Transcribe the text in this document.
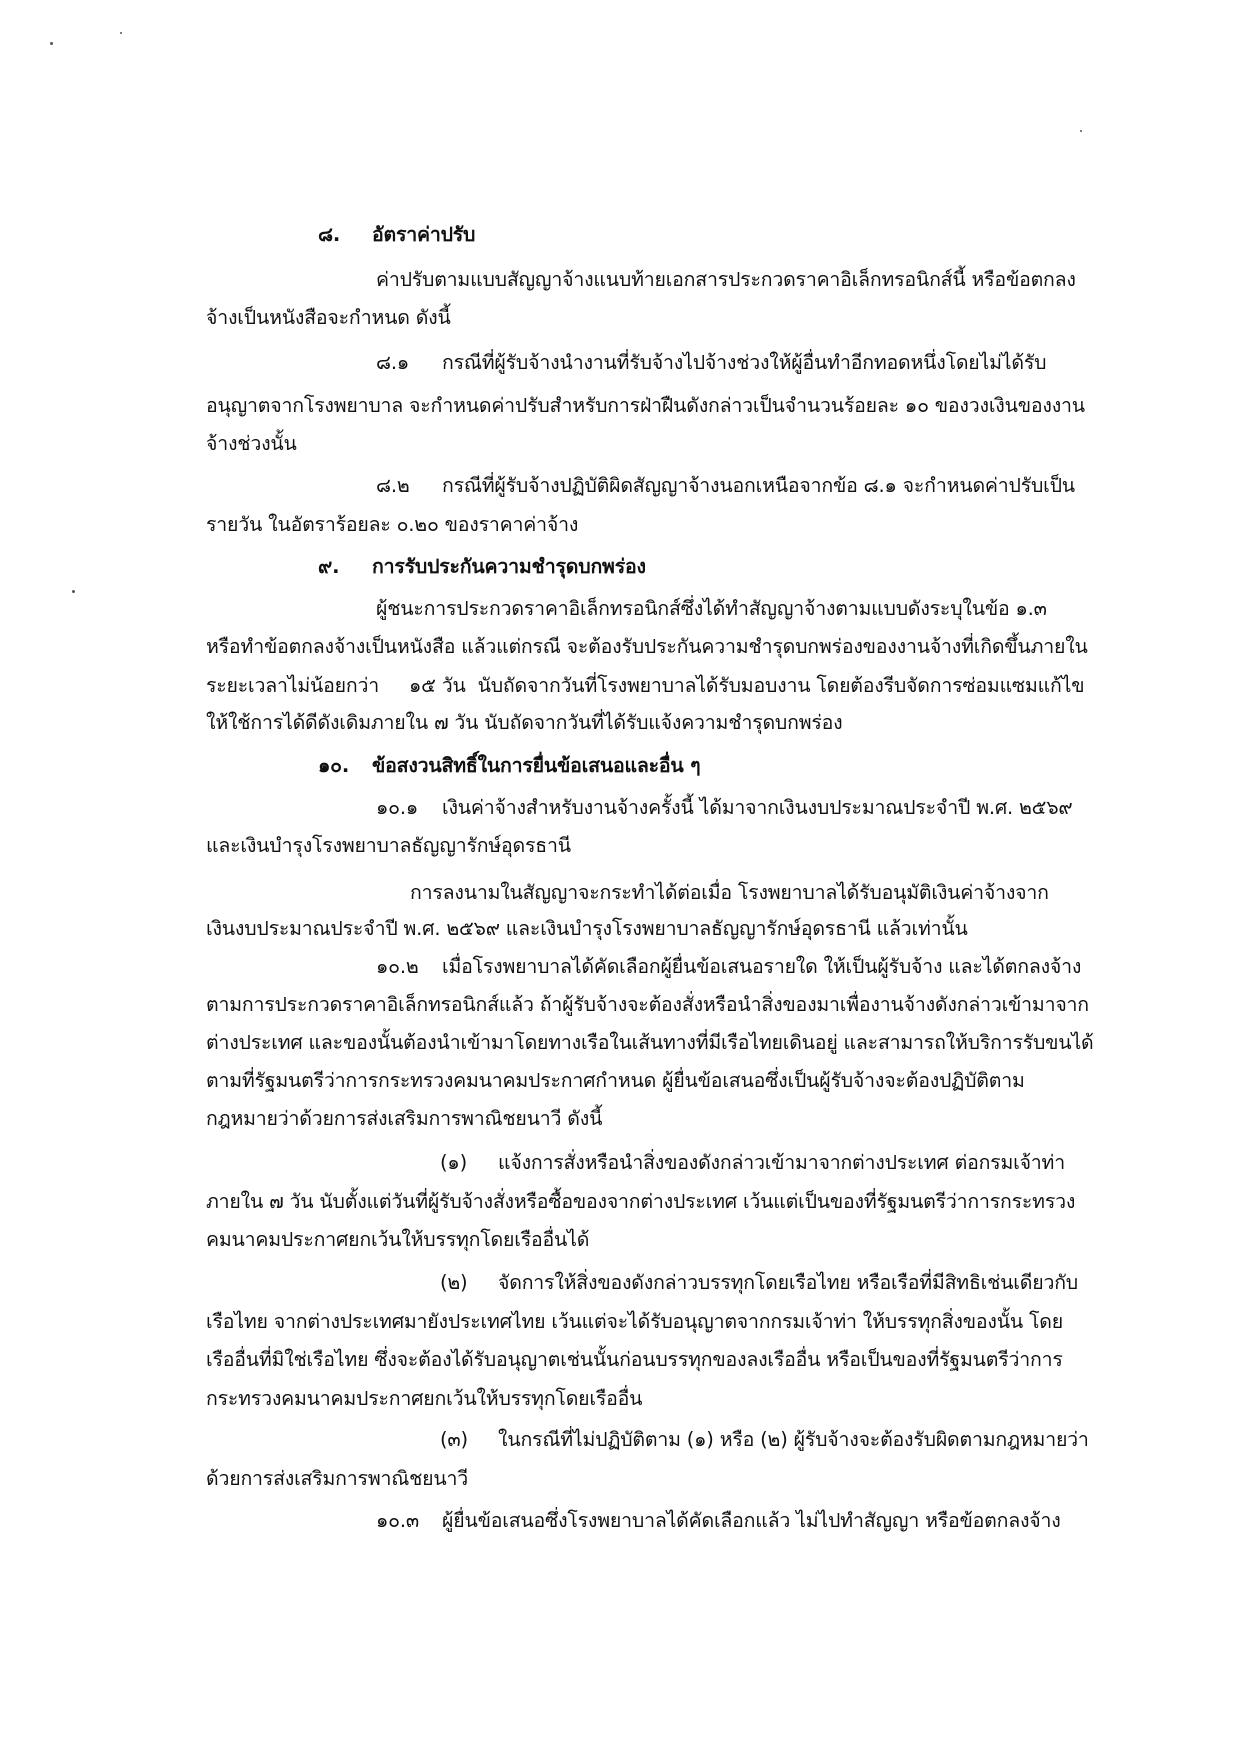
๘. อัตราค่าปรับ
ค่าปรับตามแบบสัญญาจ้างแนบท้ายเอกสารประกวดราคาอิเล็กทรอนิกส์นี้ หรือข้อตกลง
จ้างเป็นหนังสือจะกำหนด ดังนี้
๘.๑ กรณีที่ผู้รับจ้างนำงานที่รับจ้างไปจ้างช่วงให้ผู้อื่นทำอีกทอดหนึ่งโดยไม่ได้รับ
อนุญาตจากโรงพยาบาล จะกำหนดค่าปรับสำหรับการฝ่าฝืนดังกล่าวเป็นจำนวนร้อยละ ๑๐ ของวงเงินของงาน
จ้างช่วงนั้น
๘.๒ กรณีที่ผู้รับจ้างปฏิบัติผิดสัญญาจ้างนอกเหนือจากข้อ ๘.๑ จะกำหนดค่าปรับเป็น
รายวัน ในอัตราร้อยละ ๐.๒๐ ของราคาค่าจ้าง
๙. การรับประกันความชำรุดบกพร่อง
ผู้ชนะการประกวดราคาอิเล็กทรอนิกส์ซึ่งได้ทำสัญญาจ้างตามแบบดังระบุในข้อ ๑.๓
หรือทำข้อตกลงจ้างเป็นหนังสือ แล้วแต่กรณี จะต้องรับประกันความชำรุดบกพร่องของงานจ้างที่เกิดขึ้นภายใน
ระยะเวลาไม่น้อยกว่า     ๑๕ วัน  นับถัดจากวันที่โรงพยาบาลได้รับมอบงาน โดยต้องรีบจัดการซ่อมแซมแก้ไข
ให้ใช้การได้ดีดังเดิมภายใน ๗ วัน นับถัดจากวันที่ได้รับแจ้งความชำรุดบกพร่อง
๑๐. ข้อสงวนสิทธิ์ในการยื่นข้อเสนอและอื่น ๆ
๑๐.๑ เงินค่าจ้างสำหรับงานจ้างครั้งนี้ ได้มาจากเงินงบประมาณประจำปี พ.ศ. ๒๕๖๙
และเงินบำรุงโรงพยาบาลธัญญารักษ์อุดรธานี
การลงนามในสัญญาจะกระทำได้ต่อเมื่อ โรงพยาบาลได้รับอนุมัติเงินค่าจ้างจาก
เงินงบประมาณประจำปี พ.ศ. ๒๕๖๙ และเงินบำรุงโรงพยาบาลธัญญารักษ์อุดรธานี แล้วเท่านั้น
๑๐.๒ เมื่อโรงพยาบาลได้คัดเลือกผู้ยื่นข้อเสนอรายใด ให้เป็นผู้รับจ้าง และได้ตกลงจ้าง
ตามการประกวดราคาอิเล็กทรอนิกส์แล้ว ถ้าผู้รับจ้างจะต้องสั่งหรือนำสิ่งของมาเพื่องานจ้างดังกล่าวเข้ามาจาก
ต่างประเทศ และของนั้นต้องนำเข้ามาโดยทางเรือในเส้นทางที่มีเรือไทยเดินอยู่ และสามารถให้บริการรับขนได้
ตามที่รัฐมนตรีว่าการกระทรวงคมนาคมประกาศกำหนด ผู้ยื่นข้อเสนอซึ่งเป็นผู้รับจ้างจะต้องปฏิบัติตาม
กฎหมายว่าด้วยการส่งเสริมการพาณิชยนาวี ดังนี้
(๑) แจ้งการสั่งหรือนำสิ่งของดังกล่าวเข้ามาจากต่างประเทศ ต่อกรมเจ้าท่า
ภายใน ๗ วัน นับตั้งแต่วันที่ผู้รับจ้างสั่งหรือซื้อของจากต่างประเทศ เว้นแต่เป็นของที่รัฐมนตรีว่าการกระทรวง
คมนาคมประกาศยกเว้นให้บรรทุกโดยเรืออื่นได้
(๒) จัดการให้สิ่งของดังกล่าวบรรทุกโดยเรือไทย หรือเรือที่มีสิทธิเช่นเดียวกับ
เรือไทย จากต่างประเทศมายังประเทศไทย เว้นแต่จะได้รับอนุญาตจากกรมเจ้าท่า ให้บรรทุกสิ่งของนั้น โดย
เรืออื่นที่มิใช่เรือไทย ซึ่งจะต้องได้รับอนุญาตเช่นนั้นก่อนบรรทุกของลงเรืออื่น หรือเป็นของที่รัฐมนตรีว่าการ
กระทรวงคมนาคมประกาศยกเว้นให้บรรทุกโดยเรืออื่น
(๓) ในกรณีที่ไม่ปฏิบัติตาม (๑) หรือ (๒) ผู้รับจ้างจะต้องรับผิดตามกฎหมายว่า
ด้วยการส่งเสริมการพาณิชยนาวี
๑๐.๓ ผู้ยื่นข้อเสนอซึ่งโรงพยาบาลได้คัดเลือกแล้ว ไม่ไปทำสัญญา หรือข้อตกลงจ้าง
